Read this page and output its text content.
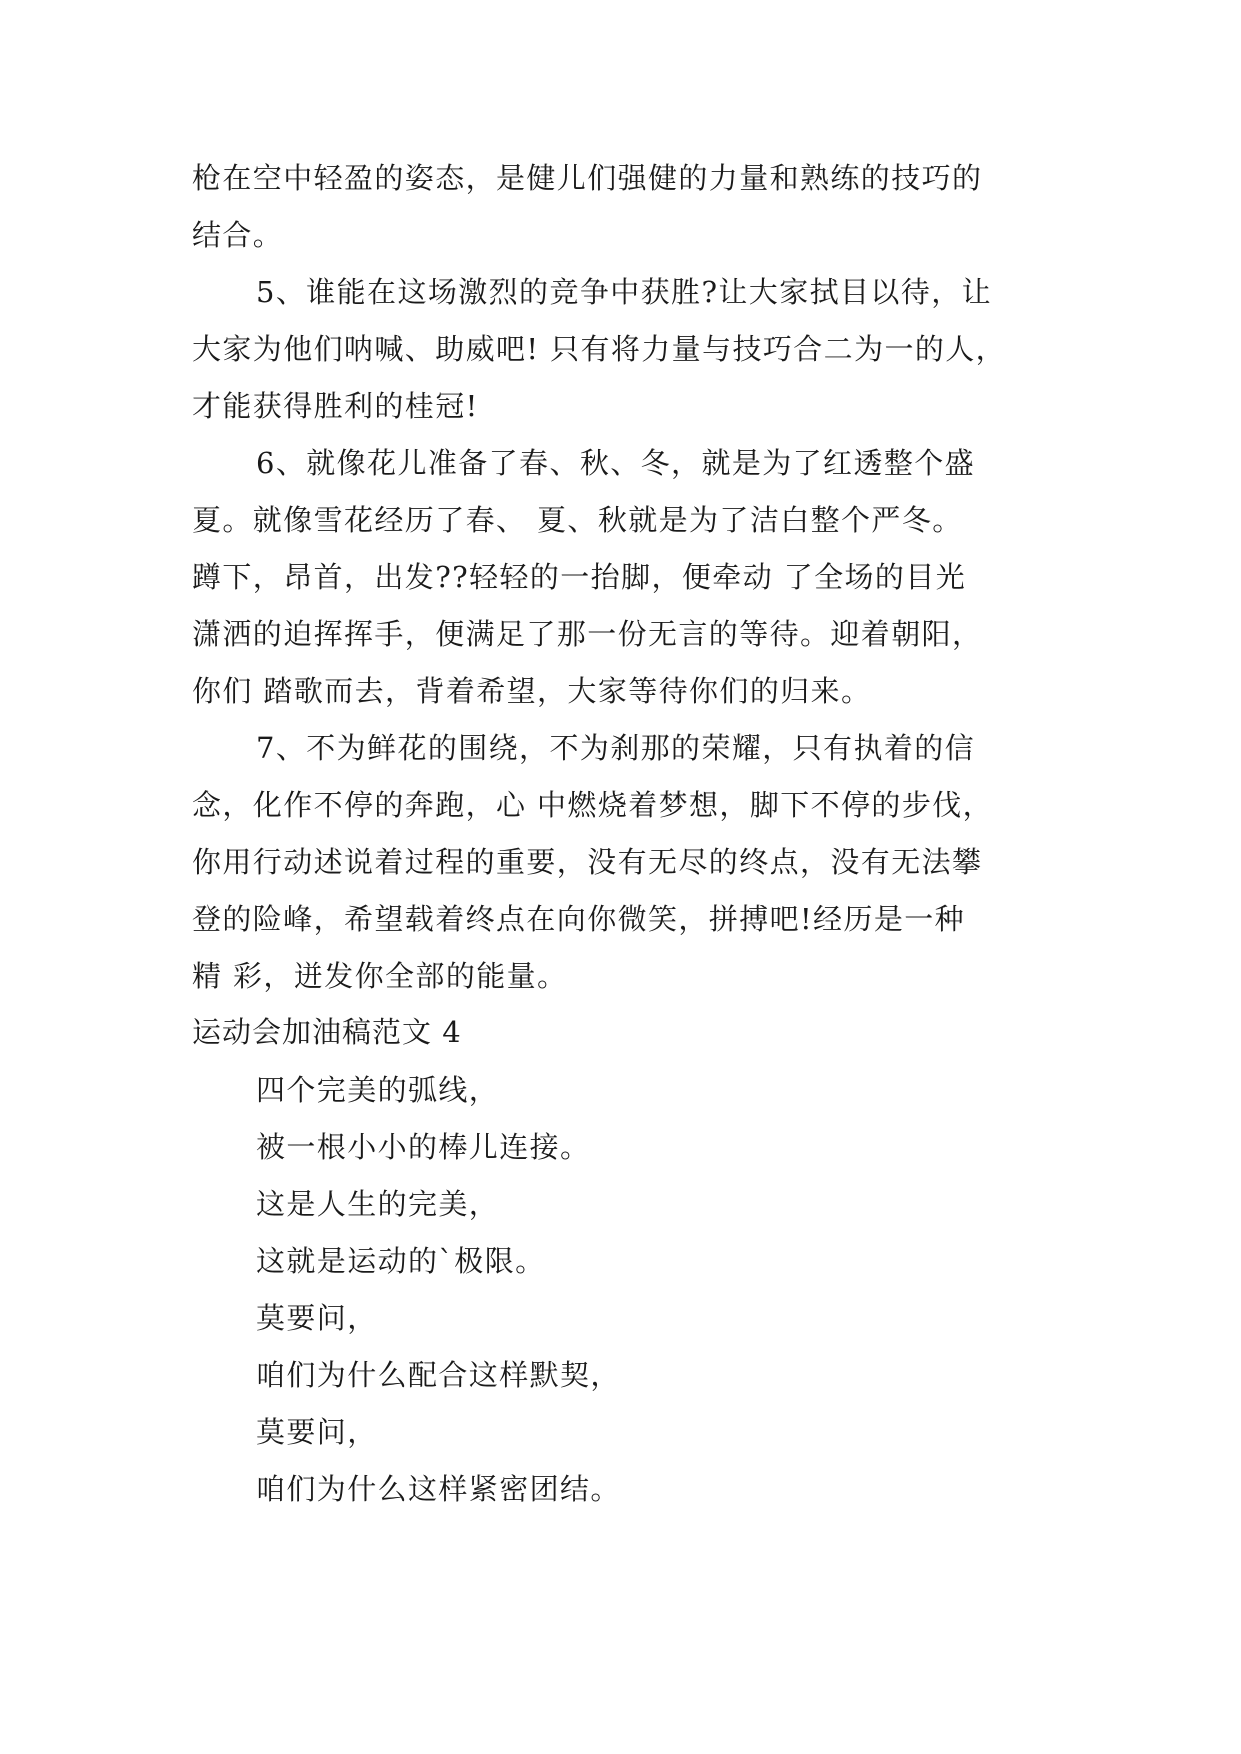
枪在空中轻盈的姿态，是健儿们强健的力量和熟练的技巧的
结合。
5、谁能在这场激烈的竞争中获胜?让大家拭目以待，让
大家为他们呐喊、助威吧! 只有将力量与技巧合二为一的人，
才能获得胜利的桂冠!
6、就像花儿准备了春、秋、冬，就是为了红透整个盛
夏。就像雪花经历了春、 夏、秋就是为了洁白整个严冬。
蹲下，昂首，出发??轻轻的一抬脚，便牵动 了全场的目光
潇洒的迫挥挥手，便满足了那一份无言的等待。迎着朝阳，
你们 踏歌而去，背着希望，大家等待你们的归来。
7、不为鲜花的围绕，不为刹那的荣耀，只有执着的信
念，化作不停的奔跑，心 中燃烧着梦想，脚下不停的步伐，
你用行动述说着过程的重要，没有无尽的终点，没有无法攀
登的险峰，希望载着终点在向你微笑，拼搏吧!经历是一种
精 彩，迸发你全部的能量。
运动会加油稿范文 4
四个完美的弧线，
被一根小小的棒儿连接。
这是人生的完美，
这就是运动的`极限。
莫要问，
咱们为什么配合这样默契，
莫要问，
咱们为什么这样紧密团结。
